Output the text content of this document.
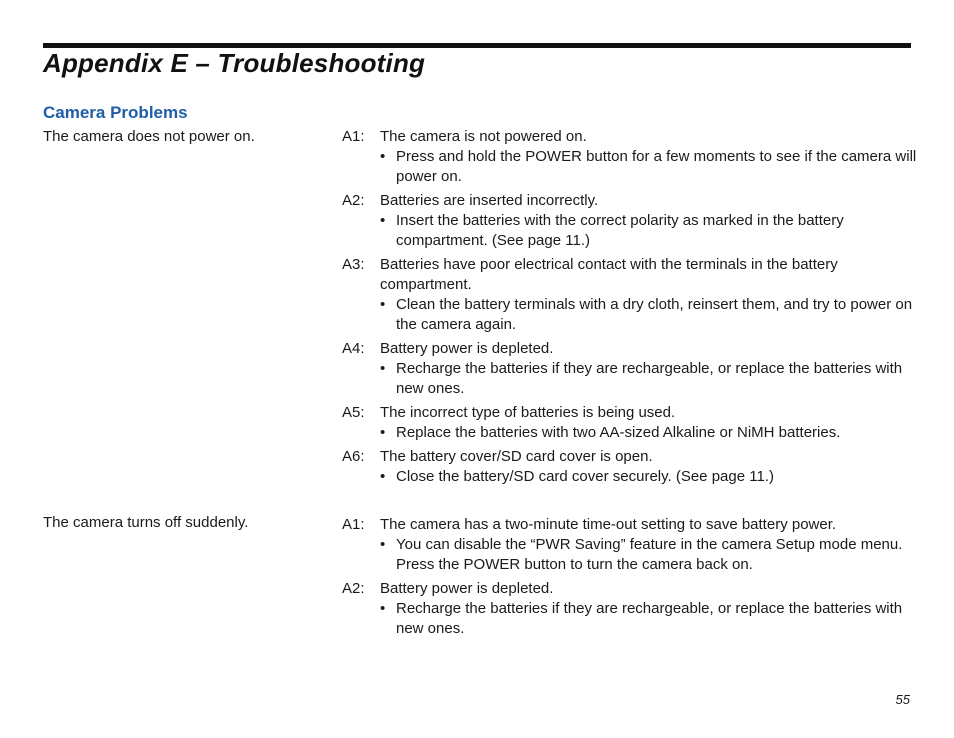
Appendix E – Troubleshooting
Camera Problems
The camera does not power on.	A1:	The camera is not powered on.
• Press and hold the POWER button for a few moments to see if the camera will power on.
A2:	Batteries are inserted incorrectly.
• Insert the batteries with the correct polarity as marked in the battery compartment. (See page 11.)
A3:	Batteries have poor electrical contact with the terminals in the battery compartment.
• Clean the battery terminals with a dry cloth, reinsert them, and try to power on the camera again.
A4:	Battery power is depleted.
• Recharge the batteries if they are rechargeable, or replace the batteries with new ones.
A5:	The incorrect type of batteries is being used.
• Replace the batteries with two AA-sized Alkaline or NiMH batteries.
A6:	The battery cover/SD card cover is open.
• Close the battery/SD card cover securely. (See page 11.)
The camera turns off suddenly.	A1:	The camera has a two-minute time-out setting to save battery power.
• You can disable the “PWR Saving” feature in the camera Setup mode menu. Press the POWER button to turn the camera back on.
A2:	Battery power is depleted.
• Recharge the batteries if they are rechargeable, or replace the batteries with new ones.
55
